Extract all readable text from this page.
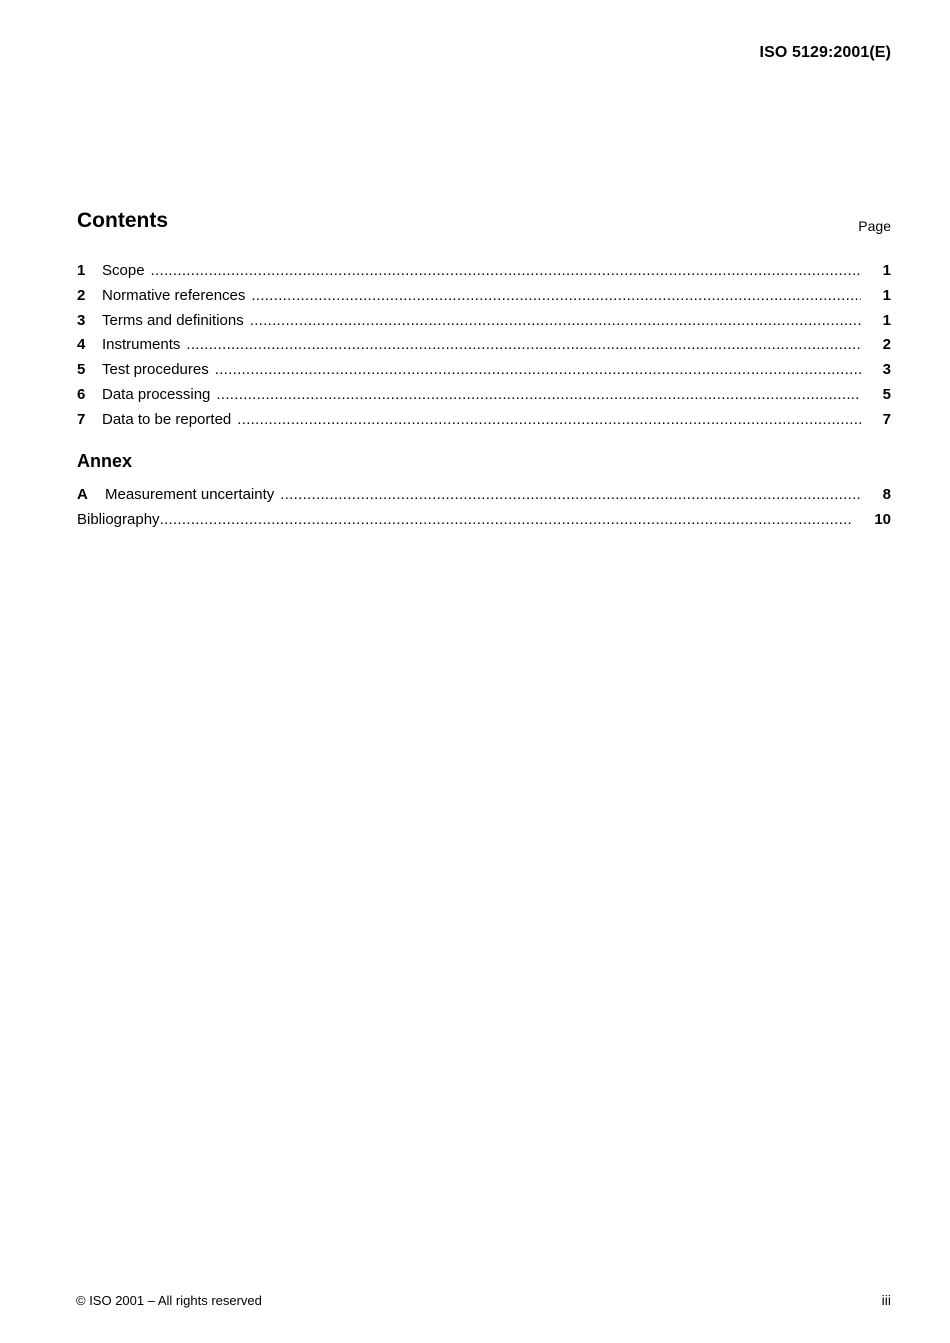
ISO 5129:2001(E)
Contents	Page
1	Scope .....	1
2	Normative references .....	1
3	Terms and definitions .....	1
4	Instruments .....	2
5	Test procedures .....	3
6	Data processing .....	5
7	Data to be reported .....	7
Annex
A	Measurement uncertainty .....	8
Bibliography .....	10
© ISO 2001 – All rights reserved	iii
